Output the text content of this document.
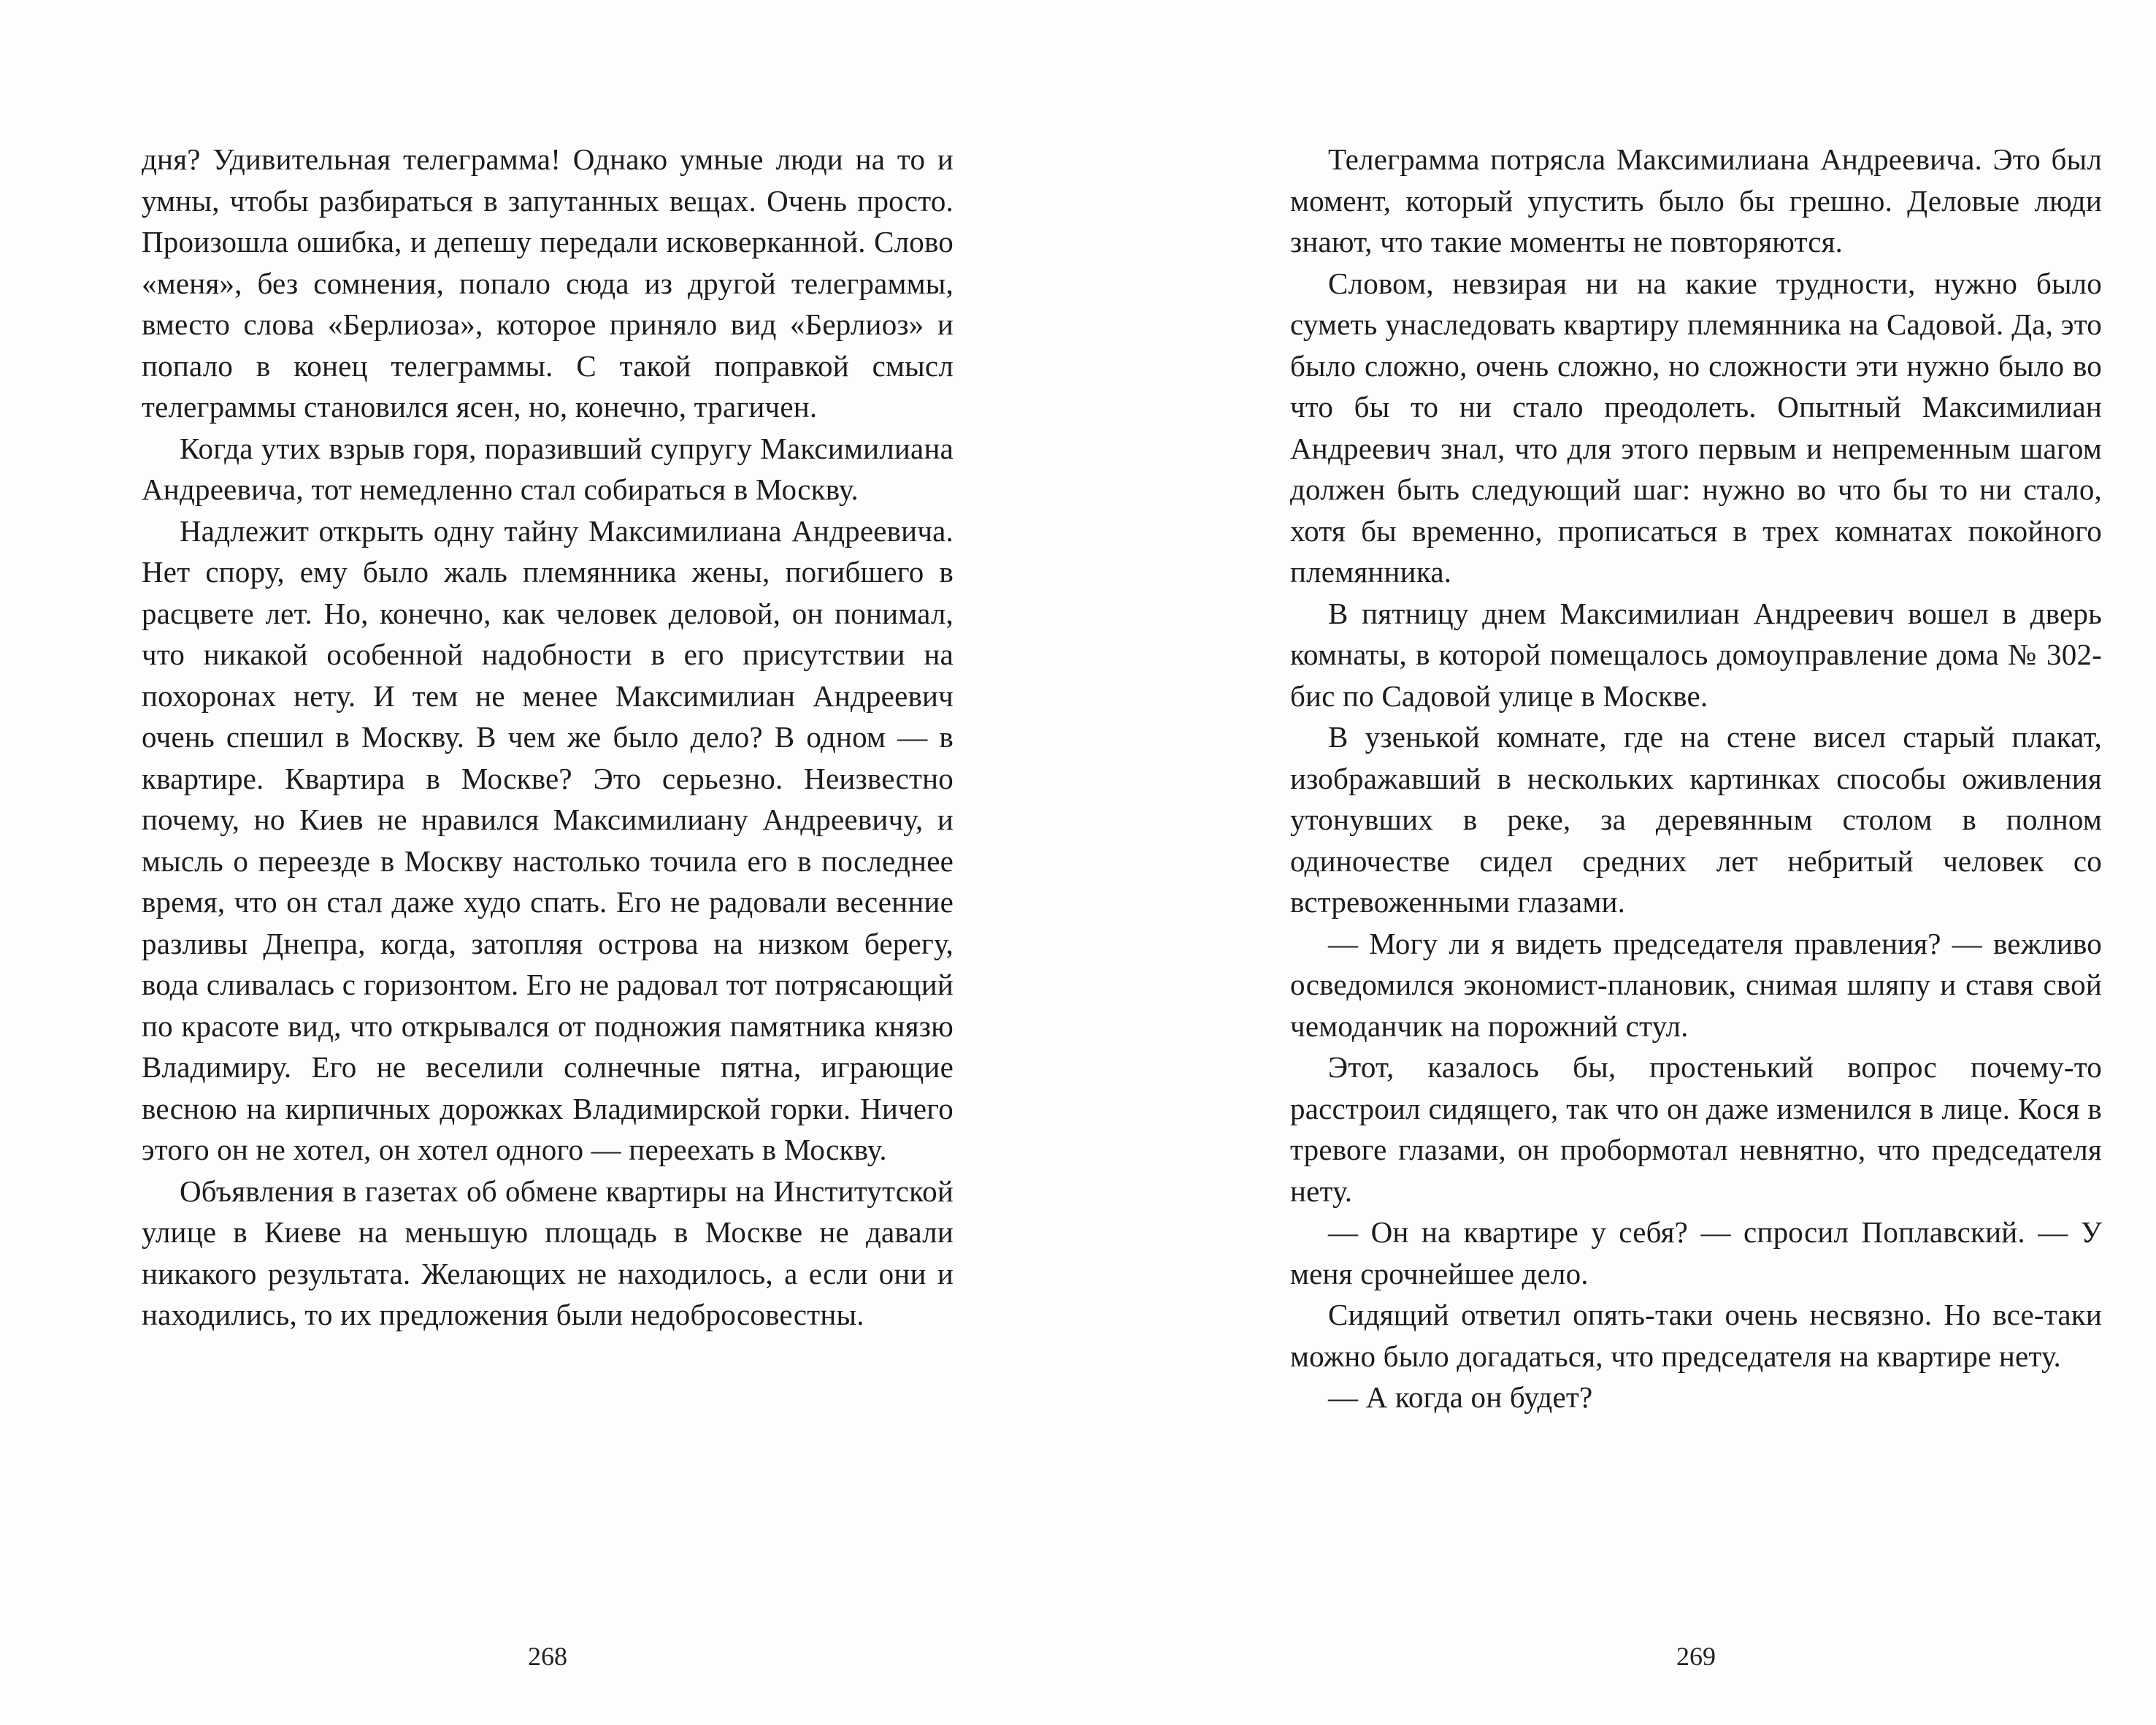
дня? Удивительная телеграмма! Однако умные люди на то и умны, чтобы разбираться в запутанных вещах. Очень просто. Произошла ошибка, и депешу передали исковерканной. Слово «меня», без сомнения, попало сюда из другой телеграммы, вместо слова «Берлиоза», которое приняло вид «Берлиоз» и попало в конец телеграммы. С такой поправкой смысл телеграммы становился ясен, но, конечно, трагичен.

Когда утих взрыв горя, поразивший супругу Максимилиана Андреевича, тот немедленно стал собираться в Москву.

Надлежит открыть одну тайну Максимилиана Андреевича. Нет спору, ему было жаль племянника жены, погибшего в расцвете лет. Но, конечно, как человек деловой, он понимал, что никакой особенной надобности в его присутствии на похоронах нету. И тем не менее Максимилиан Андреевич очень спешил в Москву. В чем же было дело? В одном — в квартире. Квартира в Москве? Это серьезно. Неизвестно почему, но Киев не нравился Максимилиану Андреевичу, и мысль о переезде в Москву настолько точила его в последнее время, что он стал даже худо спать. Его не радовали весенние разливы Днепра, когда, затопляя острова на низком берегу, вода сливалась с горизонтом. Его не радовал тот потрясающий по красоте вид, что открывался от подножия памятника князю Владимиру. Его не веселили солнечные пятна, играющие весною на кирпичных дорожках Владимирской горки. Ничего этого он не хотел, он хотел одного — переехать в Москву.

Объявления в газетах об обмене квартиры на Институтской улице в Киеве на меньшую площадь в Москве не давали никакого результата. Желающих не находилось, а если они и находились, то их предложения были недобросовестны.

268

Телеграмма потрясла Максимилиана Андреевича. Это был момент, который упустить было бы грешно. Деловые люди знают, что такие моменты не повторяются.

Словом, невзирая ни на какие трудности, нужно было суметь унаследовать квартиру племянника на Садовой. Да, это было сложно, очень сложно, но сложности эти нужно было во что бы то ни стало преодолеть. Опытный Максимилиан Андреевич знал, что для этого первым и непременным шагом должен быть следующий шаг: нужно во что бы то ни стало, хотя бы временно, прописаться в трех комнатах покойного племянника.

В пятницу днем Максимилиан Андреевич вошел в дверь комнаты, в которой помещалось домоуправление дома № 302-бис по Садовой улице в Москве.

В узенькой комнате, где на стене висел старый плакат, изображавший в нескольких картинках способы оживления утонувших в реке, за деревянным столом в полном одиночестве сидел средних лет небритый человек со встревоженными глазами.

— Могу ли я видеть председателя правления? — вежливо осведомился экономист-плановик, снимая шляпу и ставя свой чемоданчик на порожний стул.

Этот, казалось бы, простенький вопрос почему-то расстроил сидящего, так что он даже изменился в лице. Кося в тревоге глазами, он пробормотал невнятно, что председателя нету.

— Он на квартире у себя? — спросил Поплавский. — У меня срочнейшее дело.

Сидящий ответил опять-таки очень несвязно. Но все-таки можно было догадаться, что председателя на квартире нету.

— А когда он будет?

269
